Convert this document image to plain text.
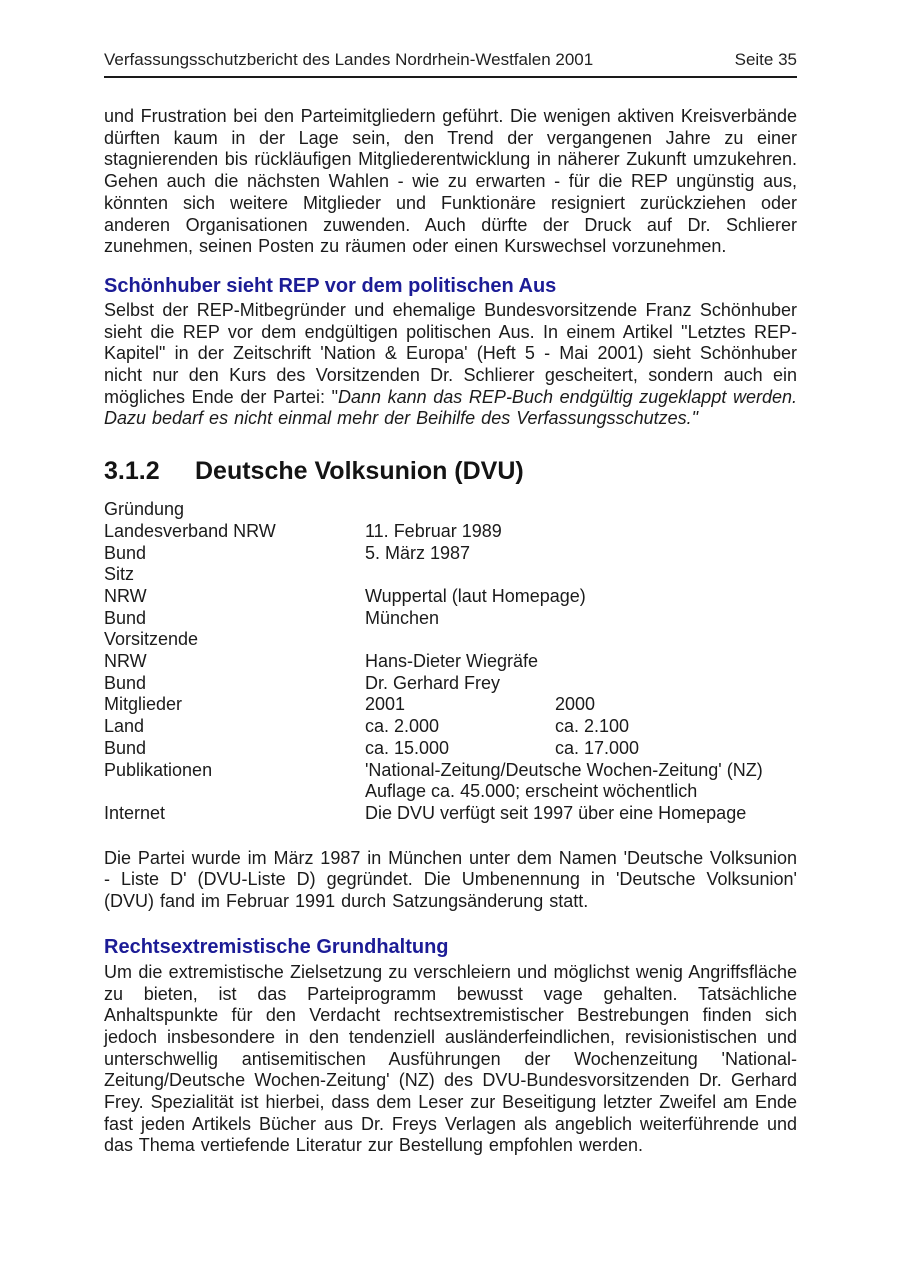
Verfassungsschutzbericht des Landes Nordrhein-Westfalen 2001	Seite 35

und Frustration bei den Parteimitgliedern geführt. Die wenigen aktiven Kreisverbände dürften kaum in der Lage sein, den Trend der vergangenen Jahre zu einer stagnierenden bis rückläufigen Mitgliederentwicklung in näherer Zukunft umzukehren. Gehen auch die nächsten Wahlen - wie zu erwarten - für die REP ungünstig aus, könnten sich weitere Mitglieder und Funktionäre resigniert zurückziehen oder anderen Organisationen zuwenden. Auch dürfte der Druck auf Dr. Schlierer zunehmen, seinen Posten zu räumen oder einen Kurswechsel vorzunehmen.

Schönhuber sieht REP vor dem politischen Aus

Selbst der REP-Mitbegründer und ehemalige Bundesvorsitzende Franz Schönhuber sieht die REP vor dem endgültigen politischen Aus. In einem Artikel "Letztes REP-Kapitel" in der Zeitschrift 'Nation & Europa' (Heft 5 - Mai 2001) sieht Schönhuber nicht nur den Kurs des Vorsitzenden Dr. Schlierer gescheitert, sondern auch ein mögliches Ende der Partei: "Dann kann das REP-Buch endgültig zugeklappt werden. Dazu bedarf es nicht einmal mehr der Beihilfe des Verfassungsschutzes."

3.1.2	Deutsche Volksunion (DVU)
Gründung
Landesverband NRW	11. Februar 1989
Bund	5. März 1987
Sitz
NRW	Wuppertal (laut Homepage)
Bund	München
Vorsitzende
NRW	Hans-Dieter Wiegräfe
Bund	Dr. Gerhard Frey
Mitglieder	2001	2000
Land	ca. 2.000	ca. 2.100
Bund	ca. 15.000	ca. 17.000
Publikationen	'National-Zeitung/Deutsche Wochen-Zeitung' (NZ)
Auflage ca. 45.000; erscheint wöchentlich
Internet	Die DVU verfügt seit 1997 über eine Homepage

Die Partei wurde im März 1987 in München unter dem Namen 'Deutsche Volksunion - Liste D' (DVU-Liste D) gegründet. Die Umbenennung in 'Deutsche Volksunion' (DVU) fand im Februar 1991 durch Satzungsänderung statt.

Rechtsextremistische Grundhaltung

Um die extremistische Zielsetzung zu verschleiern und möglichst wenig Angriffsfläche zu bieten, ist das Parteiprogramm bewusst vage gehalten. Tatsächliche Anhaltspunkte für den Verdacht rechtsextremistischer Bestrebungen finden sich jedoch insbesondere in den tendenziell ausländerfeindlichen, revisionistischen und unterschwellig antisemitischen Ausführungen der Wochenzeitung 'National-Zeitung/Deutsche Wochen-Zeitung' (NZ) des DVU-Bundesvorsitzenden Dr. Gerhard Frey. Spezialität ist hierbei, dass dem Leser zur Beseitigung letzter Zweifel am Ende fast jeden Artikels Bücher aus Dr. Freys Verlagen als angeblich weiterführende und das Thema vertiefende Literatur zur Bestellung empfohlen werden.
